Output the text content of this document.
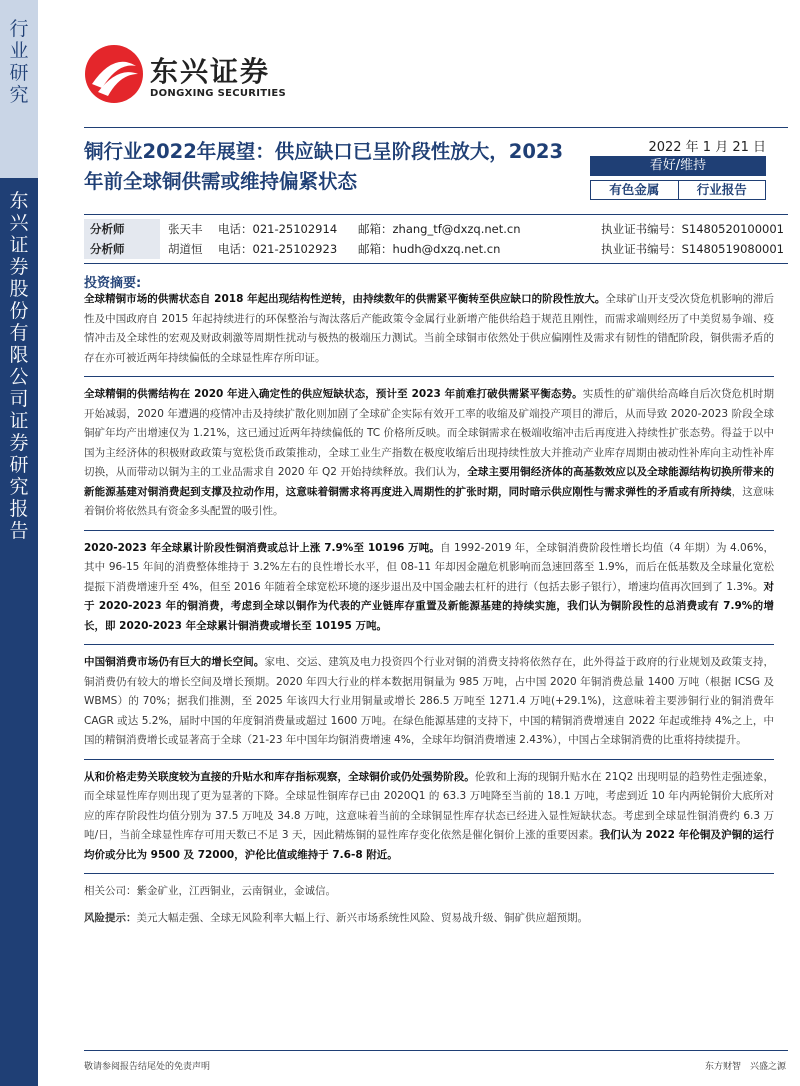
行业研究
东兴证券股份有限公司证券研究报告
东兴证券
DONGXING SECURITIES
铜行业2022年展望：供应缺口已呈阶段性放大，2023年前全球铜供需或维持偏紧状态
2022 年 1 月 21 日
看好/维持
有色金属	行业报告
分析师	张天丰	电话：021-25102914	邮箱：zhang_tf@dxzq.net.cn	执业证书编号：S1480520100001
分析师	胡道恒	电话：021-25102923	邮箱：hudh@dxzq.net.cn	执业证书编号：S1480519080001
投资摘要:

全球精铜市场的供需状态自 2018 年起出现结构性逆转，由持续数年的供需紧平衡转至供应缺口的阶段性放大。全球矿山开支受次贷危机影响的滞后性及中国政府自 2015 年起持续进行的环保整治与淘汰落后产能政策令金属行业新增产能供给趋于规范且刚性，而需求端则经历了中美贸易争端、疫情冲击及全球性的宏观及财政刺激等周期性扰动与极热的极端压力测试。当前全球铜市依然处于供应偏刚性及需求有韧性的错配阶段，铜供需矛盾的存在亦可被近两年持续偏低的全球显性库存所印证。

全球精铜的供需结构在 2020 年进入确定性的供应短缺状态，预计至 2023 年前难打破供需紧平衡态势。实质性的矿端供给高峰自后次贷危机时期开始减弱，2020 年遭遇的疫情冲击及持续扩散化则加剧了全球矿企实际有效开工率的收缩及矿端投产项目的滞后，从而导致 2020-2023 阶段全球铜矿年均产出增速仅为 1.21%，这已通过近两年持续偏低的 TC 价格所反映。而全球铜需求在极端收缩冲击后再度进入持续性扩张态势。得益于以中国为主经济体的积极财政政策与宽松货币政策推动，全球工业生产指数在极度收缩后出现持续性放大并推动产业库存周期由被动性补库向主动性补库切换，从而带动以铜为主的工业品需求自 2020 年 Q2 开始持续释放。我们认为，全球主要用铜经济体的高基数效应以及全球能源结构切换所带来的新能源基建对铜消费起到支撑及拉动作用，这意味着铜需求将再度进入周期性的扩张时期，同时暗示供应刚性与需求弹性的矛盾或有所持续，这意味着铜价将依然具有资金多头配置的吸引性。

2020-2023 年全球累计阶段性铜消费或总计上涨 7.9%至 10196 万吨。自 1992-2019 年，全球铜消费阶段性增长均值（4 年期）为 4.06%，其中 96-15 年间的消费整体维持于 3.2%左右的良性增长水平，但 08-11 年却因金融危机影响而急速回落至 1.9%，而后在低基数及全球量化宽松提振下消费增速升至 4%，但至 2016 年随着全球宽松环境的逐步退出及中国金融去杠杆的进行（包括去影子银行），增速均值再次回到了 1.3%。对于 2020-2023 年的铜消费，考虑到全球以铜作为代表的产业链库存重置及新能源基建的持续实施，我们认为铜阶段性的总消费或有 7.9%的增长，即 2020-2023 年全球累计铜消费或增长至 10195 万吨。

中国铜消费市场仍有巨大的增长空间。家电、交运、建筑及电力投资四个行业对铜的消费支持将依然存在，此外得益于政府的行业规划及政策支持，铜消费仍有较大的增长空间及增长预期。2020 年四大行业的样本数据用铜量为 985 万吨，占中国 2020 年铜消费总量 1400 万吨（根据 ICSG 及 WBMS）的 70%；据我们推测，至 2025 年该四大行业用铜量或增长 286.5 万吨至 1271.4 万吨(+29.1%)，这意味着主要涉铜行业的铜消费年 CAGR 或达 5.2%，届时中国的年度铜消费量或超过 1600 万吨。在绿色能源基建的支持下，中国的精铜消费增速自 2022 年起或维持 4%之上，中国的精铜消费增长或显著高于全球（21-23 年中国年均铜消费增速 4%，全球年均铜消费增速 2.43%），中国占全球铜消费的比重将持续提升。

从和价格走势关联度较为直接的升贴水和库存指标观察，全球铜价或仍处强势阶段。伦敦和上海的现铜升贴水在 21Q2 出现明显的趋势性走强迹象，而全球显性库存则出现了更为显著的下降。全球显性铜库存已由 2020Q1 的 63.3 万吨降至当前的 18.1 万吨，考虑到近 10 年内两轮铜价大底所对应的库存阶段性均值分别为 37.5 万吨及 34.8 万吨，这意味着当前的全球铜显性库存状态已经进入显性短缺状态。考虑到全球显性铜消费约 6.3 万吨/日，当前全球显性库存可用天数已不足 3 天，因此精炼铜的显性库存变化依然是催化铜价上涨的重要因素。我们认为 2022 年伦铜及沪铜的运行均价或分比为 9500 及 72000，沪伦比值或维持于 7.6-8 附近。

相关公司：紫金矿业，江西铜业，云南铜业，金诚信。

风险提示：美元大幅走强、全球无风险利率大幅上行、新兴市场系统性风险、贸易战升级、铜矿供应超预期。

敬请参阅报告结尾处的免责声明	东方财智　兴盛之源
